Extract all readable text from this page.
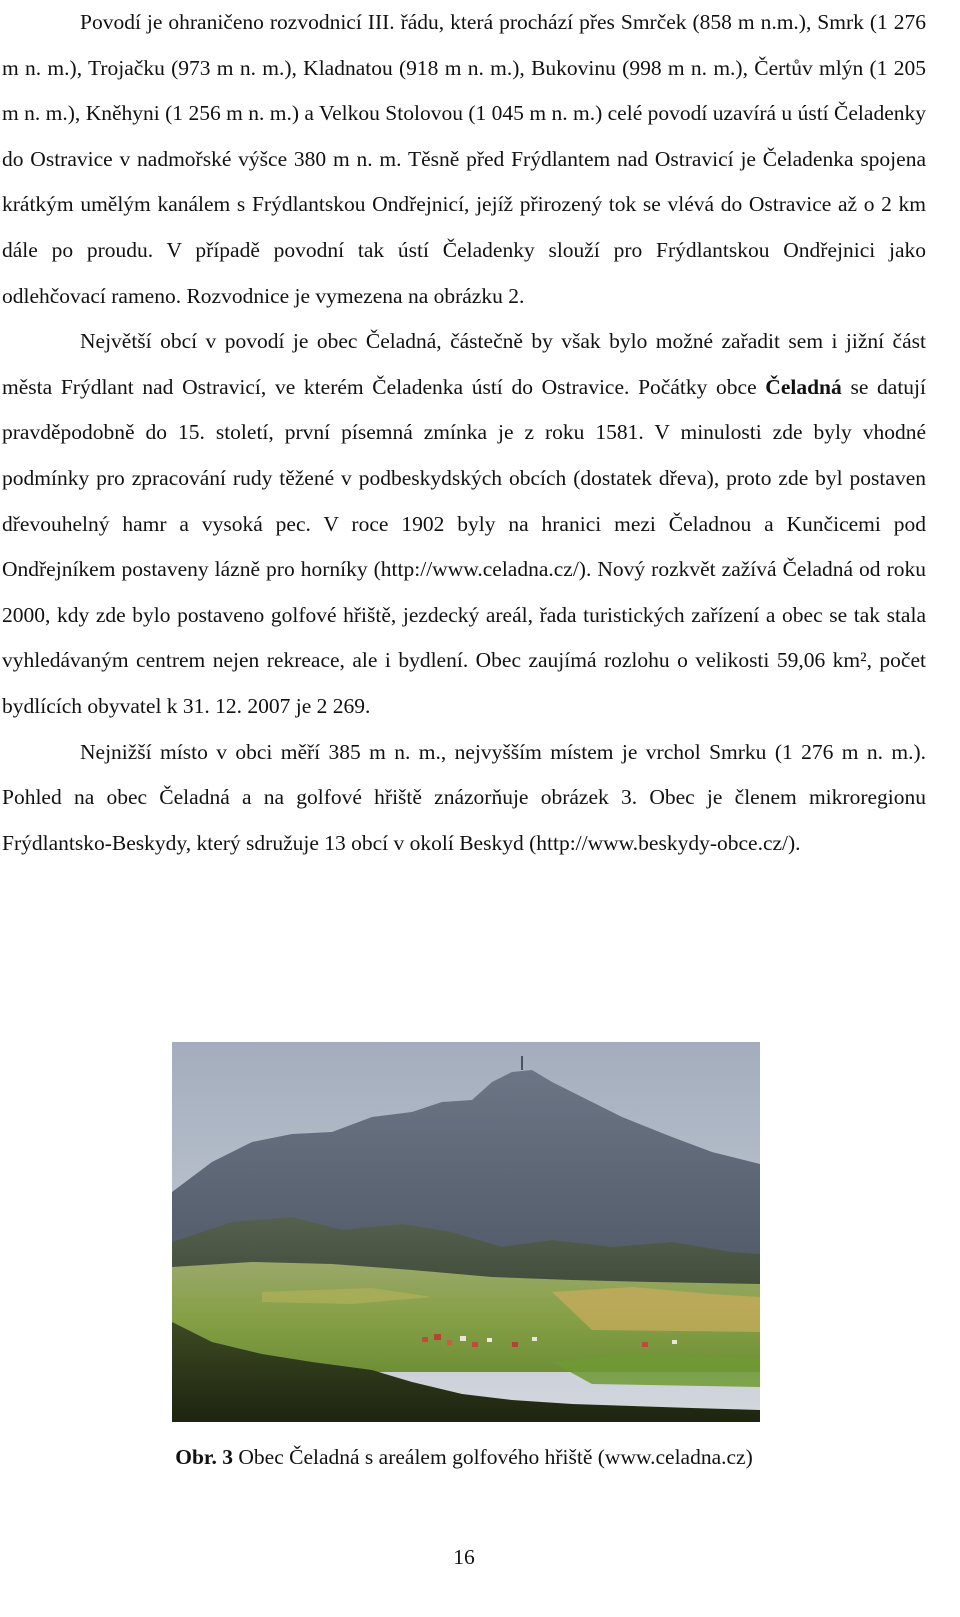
Povodí je ohraničeno rozvodnicí III. řádu, která prochází přes Smrček (858 m n.m.), Smrk (1 276 m n. m.), Trojačku (973 m n. m.), Kladnatou (918 m n. m.), Bukovinu (998 m n. m.), Čertův mlýn (1 205 m n. m.), Kněhyni (1 256 m n. m.) a Velkou Stolovou (1 045 m n. m.) celé povodí uzavírá u ústí Čeladenky do Ostravice v nadmořské výšce 380 m n. m. Těsně před Frýdlantem nad Ostravicí je Čeladenka spojena krátkým umělým kanálem s Frýdlantskou Ondřejnicí, jejíž přirozený tok se vlévá do Ostravice až o 2 km dále po proudu. V případě povodní tak ústí Čeladenky slouží pro Frýdlantskou Ondřejnici jako odlehčovací rameno. Rozvodnice je vymezena na obrázku 2.

Největší obcí v povodí je obec Čeladná, částečně by však bylo možné zařadit sem i jižní část města Frýdlant nad Ostravicí, ve kterém Čeladenka ústí do Ostravice. Počátky obce Čeladná se datují pravděpodobně do 15. století, první písemná zmínka je z roku 1581. V minulosti zde byly vhodné podmínky pro zpracování rudy těžené v podbeskydských obcích (dostatek dřeva), proto zde byl postaven dřevouhelný hamr a vysoká pec. V roce 1902 byly na hranici mezi Čeladnou a Kunčicemi pod Ondřejníkem postaveny lázně pro horníky (http://www.celadna.cz/). Nový rozkvět zažívá Čeladná od roku 2000, kdy zde bylo postaveno golfové hřiště, jezdecký areál, řada turistických zařízení a obec se tak stala vyhledávaným centrem nejen rekreace, ale i bydlení. Obec zaujímá rozlohu o velikosti 59,06 km², počet bydlících obyvatel k 31. 12. 2007 je 2 269.

Nejnižší místo v obci měří 385 m n. m., nejvyšším místem je vrchol Smrku (1 276 m n. m.). Pohled na obec Čeladná a na golfové hřiště znázorňuje obrázek 3. Obec je členem mikroregionu Frýdlantsko-Beskydy, který sdružuje 13 obcí v okolí Beskyd (http://www.beskydy-obce.cz/).

Obr. 3 Obec Čeladná s areálem golfového hřiště (www.celadna.cz)
16
